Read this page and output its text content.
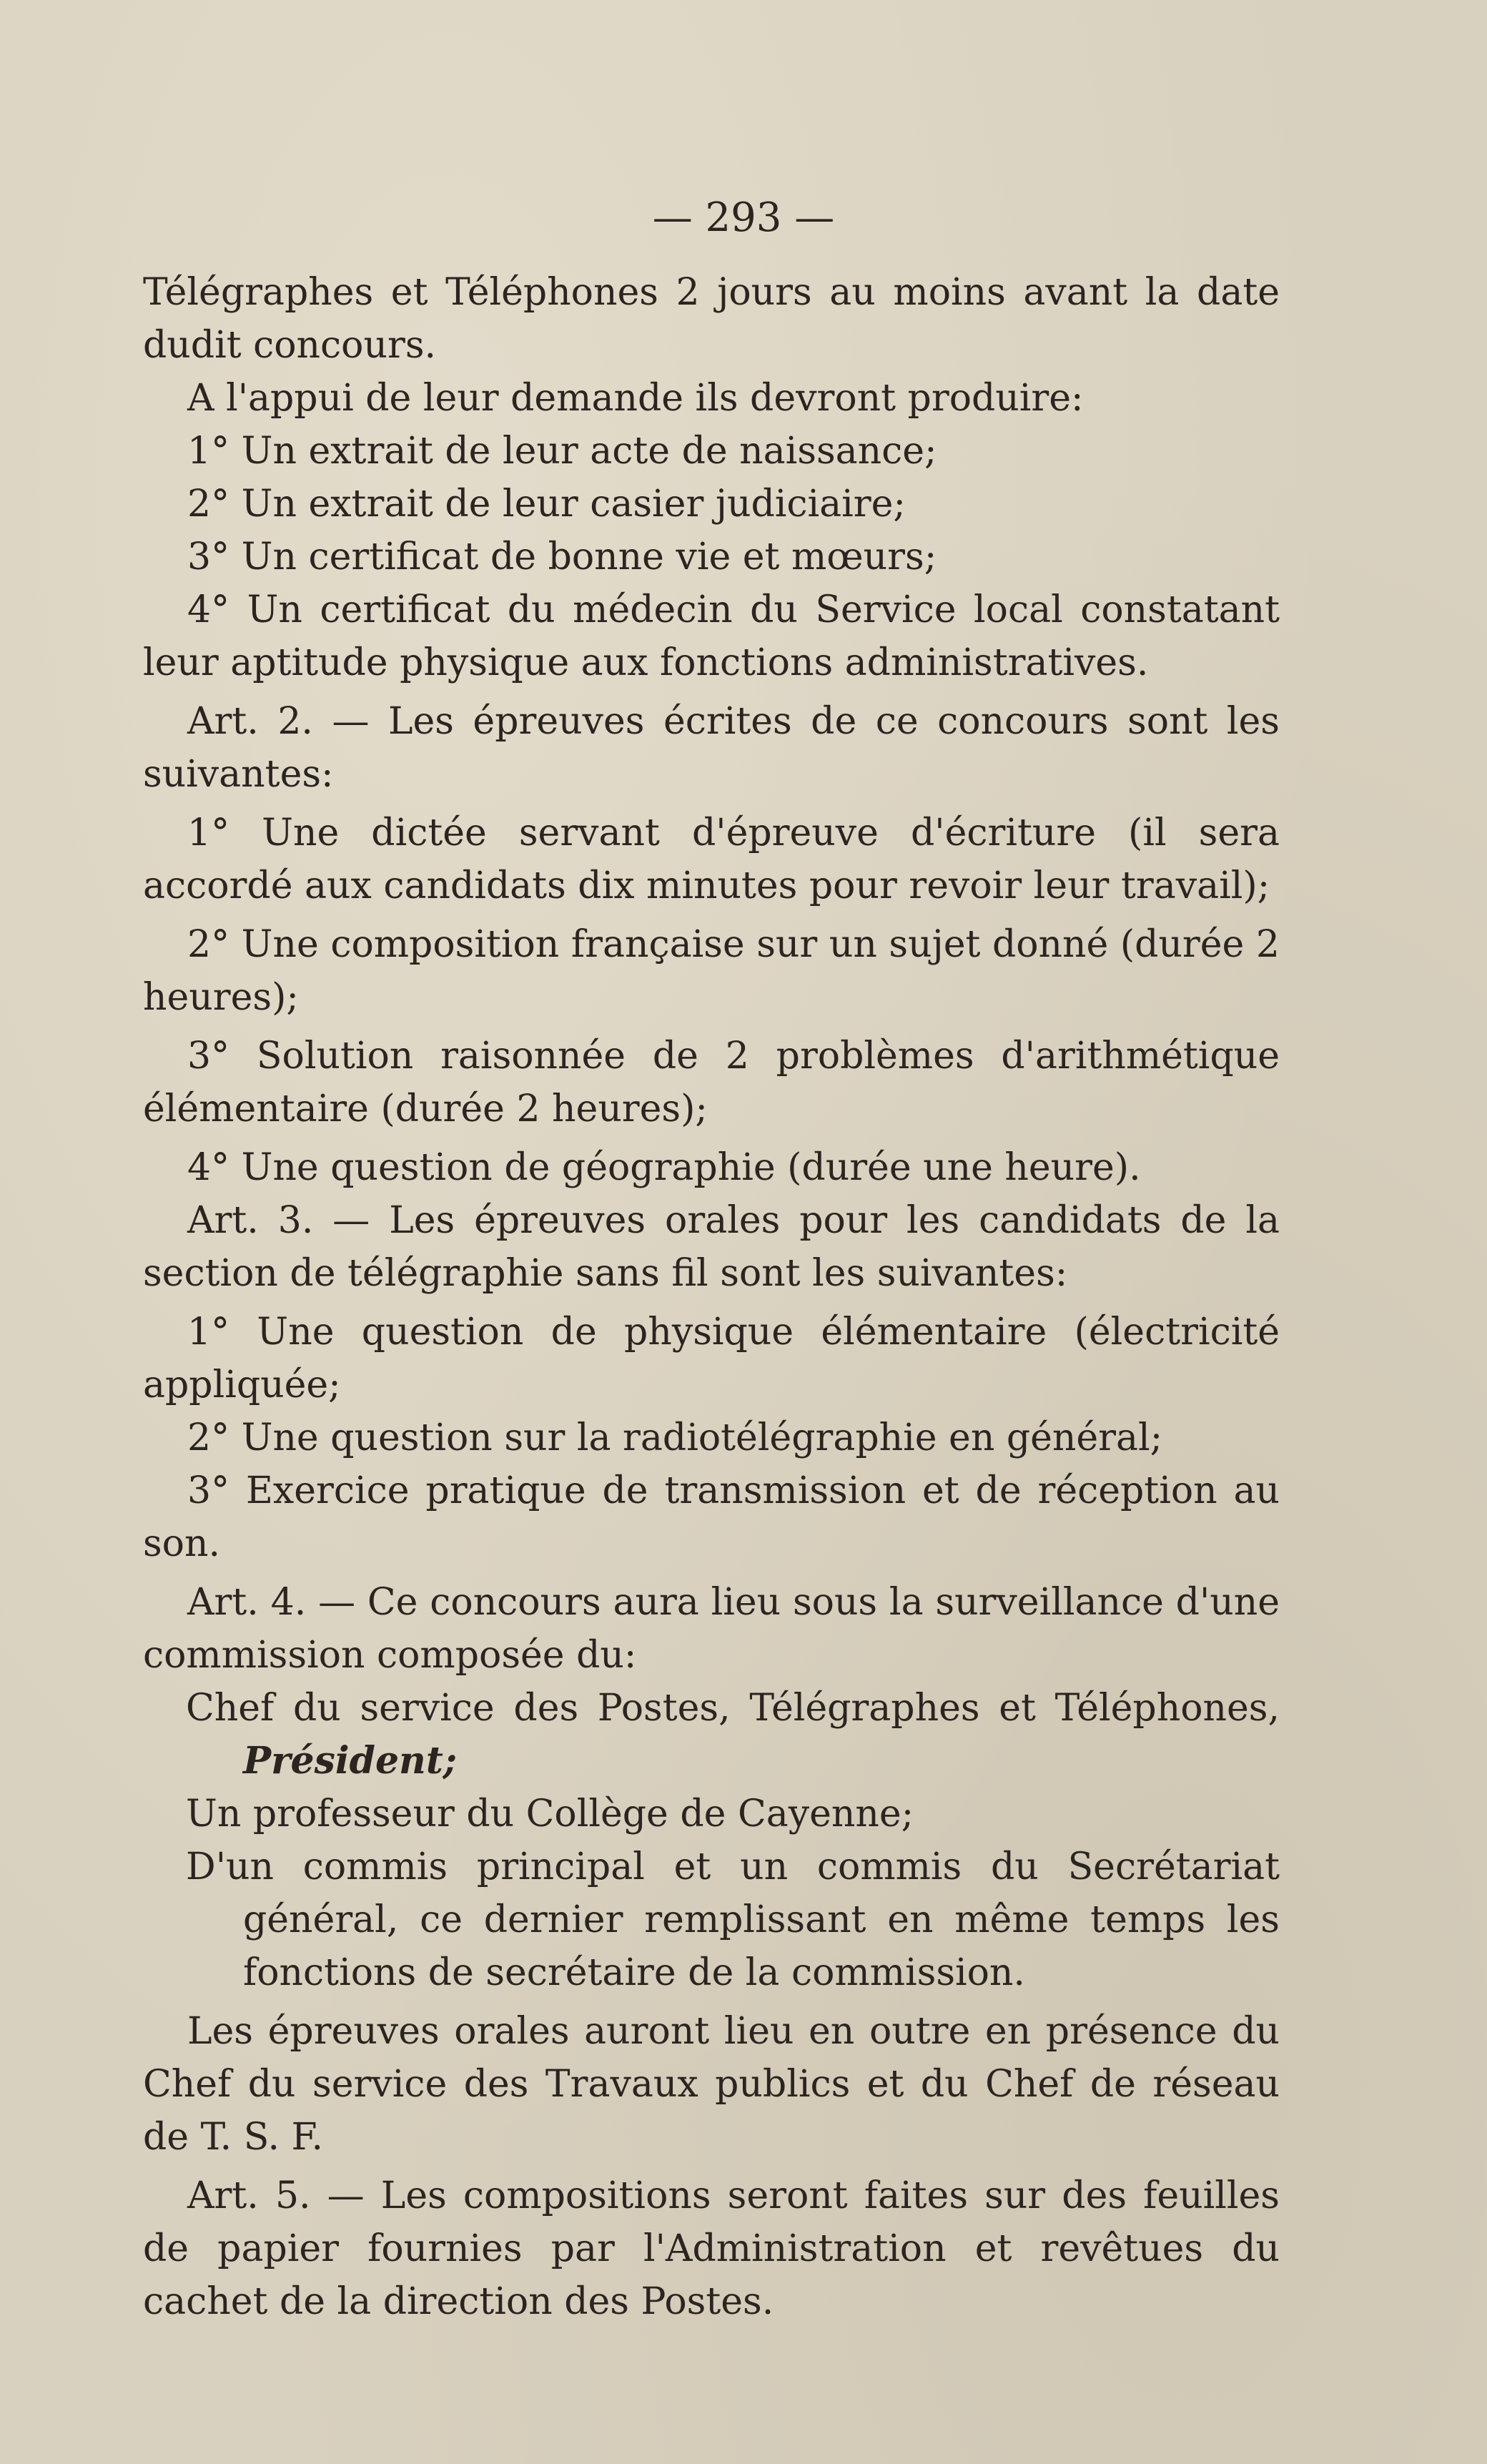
— 293 —

Télégraphes et Téléphones 2 jours au moins avant la date dudit concours.

A l'appui de leur demande ils devront produire:

1° Un extrait de leur acte de naissance;

2° Un extrait de leur casier judiciaire;

3° Un certificat de bonne vie et mœurs;

4° Un certificat du médecin du Service local constatant leur aptitude physique aux fonctions administratives.

Art. 2. — Les épreuves écrites de ce concours sont les suivantes:

1° Une dictée servant d'épreuve d'écriture (il sera accordé aux candidats dix minutes pour revoir leur travail);

2° Une composition française sur un sujet donné (durée 2 heures);

3° Solution raisonnée de 2 problèmes d'arithmétique élémentaire (durée 2 heures);

4° Une question de géographie (durée une heure).

Art. 3. — Les épreuves orales pour les candidats de la section de télégraphie sans fil sont les suivantes:

1° Une question de physique élémentaire (électricité appliquée;

2° Une question sur la radiotélégraphie en général;

3° Exercice pratique de transmission et de réception au son.

Art. 4. — Ce concours aura lieu sous la surveillance d'une commission composée du:

Chef du service des Postes, Télégraphes et Téléphones, Président;

Un professeur du Collège de Cayenne;

D'un commis principal et un commis du Secrétariat général, ce dernier remplissant en même temps les fonctions de secrétaire de la commission.

Les épreuves orales auront lieu en outre en présence du Chef du service des Travaux publics et du Chef de réseau de T. S. F.

Art. 5. — Les compositions seront faites sur des feuilles de papier fournies par l'Administration et revêtues du cachet de la direction des Postes.
